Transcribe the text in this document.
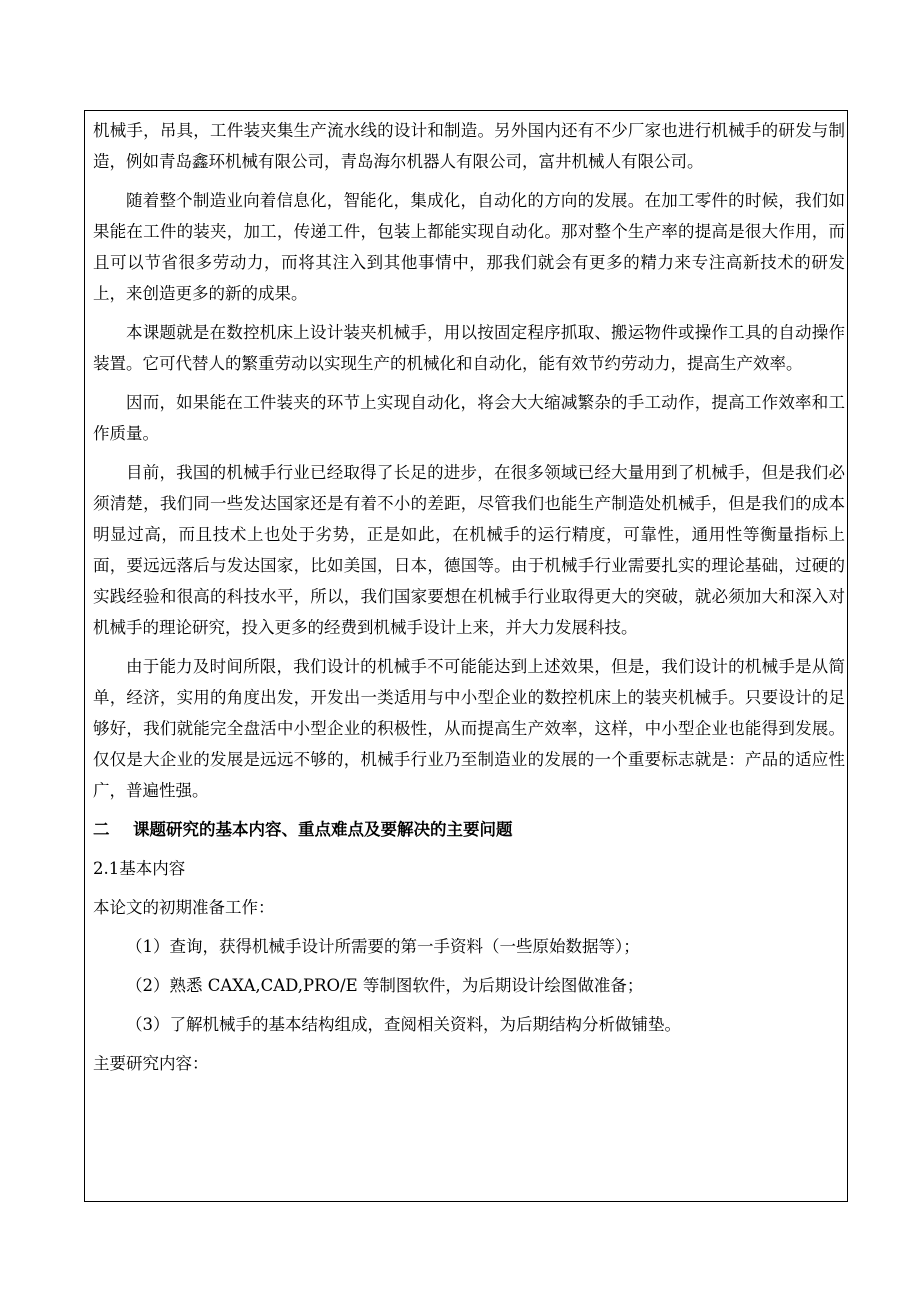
机械手，吊具，工件装夹集生产流水线的设计和制造。另外国内还有不少厂家也进行机械手的研发与制造，例如青岛鑫环机械有限公司，青岛海尔机器人有限公司，富井机械人有限公司。

随着整个制造业向着信息化，智能化，集成化，自动化的方向的发展。在加工零件的时候，我们如果能在工件的装夹，加工，传递工件，包装上都能实现自动化。那对整个生产率的提高是很大作用，而且可以节省很多劳动力，而将其注入到其他事情中，那我们就会有更多的精力来专注高新技术的研发上，来创造更多的新的成果。

本课题就是在数控机床上设计装夹机械手，用以按固定程序抓取、搬运物件或操作工具的自动操作装置。它可代替人的繁重劳动以实现生产的机械化和自动化，能有效节约劳动力，提高生产效率。

因而，如果能在工件装夹的环节上实现自动化，将会大大缩减繁杂的手工动作，提高工作效率和工作质量。

目前，我国的机械手行业已经取得了长足的进步，在很多领域已经大量用到了机械手，但是我们必须清楚，我们同一些发达国家还是有着不小的差距，尽管我们也能生产制造处机械手，但是我们的成本明显过高，而且技术上也处于劣势，正是如此，在机械手的运行精度，可靠性，通用性等衡量指标上面，要远远落后与发达国家，比如美国，日本，德国等。由于机械手行业需要扎实的理论基础，过硬的实践经验和很高的科技水平，所以，我们国家要想在机械手行业取得更大的突破，就必须加大和深入对机械手的理论研究，投入更多的经费到机械手设计上来，并大力发展科技。

由于能力及时间所限，我们设计的机械手不可能能达到上述效果，但是，我们设计的机械手是从简单，经济，实用的角度出发，开发出一类适用与中小型企业的数控机床上的装夹机械手。只要设计的足够好，我们就能完全盘活中小型企业的积极性，从而提高生产效率，这样，中小型企业也能得到发展。仅仅是大企业的发展是远远不够的，机械手行业乃至制造业的发展的一个重要标志就是：产品的适应性广，普遍性强。

二 课题研究的基本内容、重点难点及要解决的主要问题

2.1基本内容

本论文的初期准备工作：

（1）查询，获得机械手设计所需要的第一手资料（一些原始数据等）；

（2）熟悉 CAXA,CAD,PRO/E 等制图软件，为后期设计绘图做准备；

（3）了解机械手的基本结构组成，查阅相关资料，为后期结构分析做铺垫。

主要研究内容：
